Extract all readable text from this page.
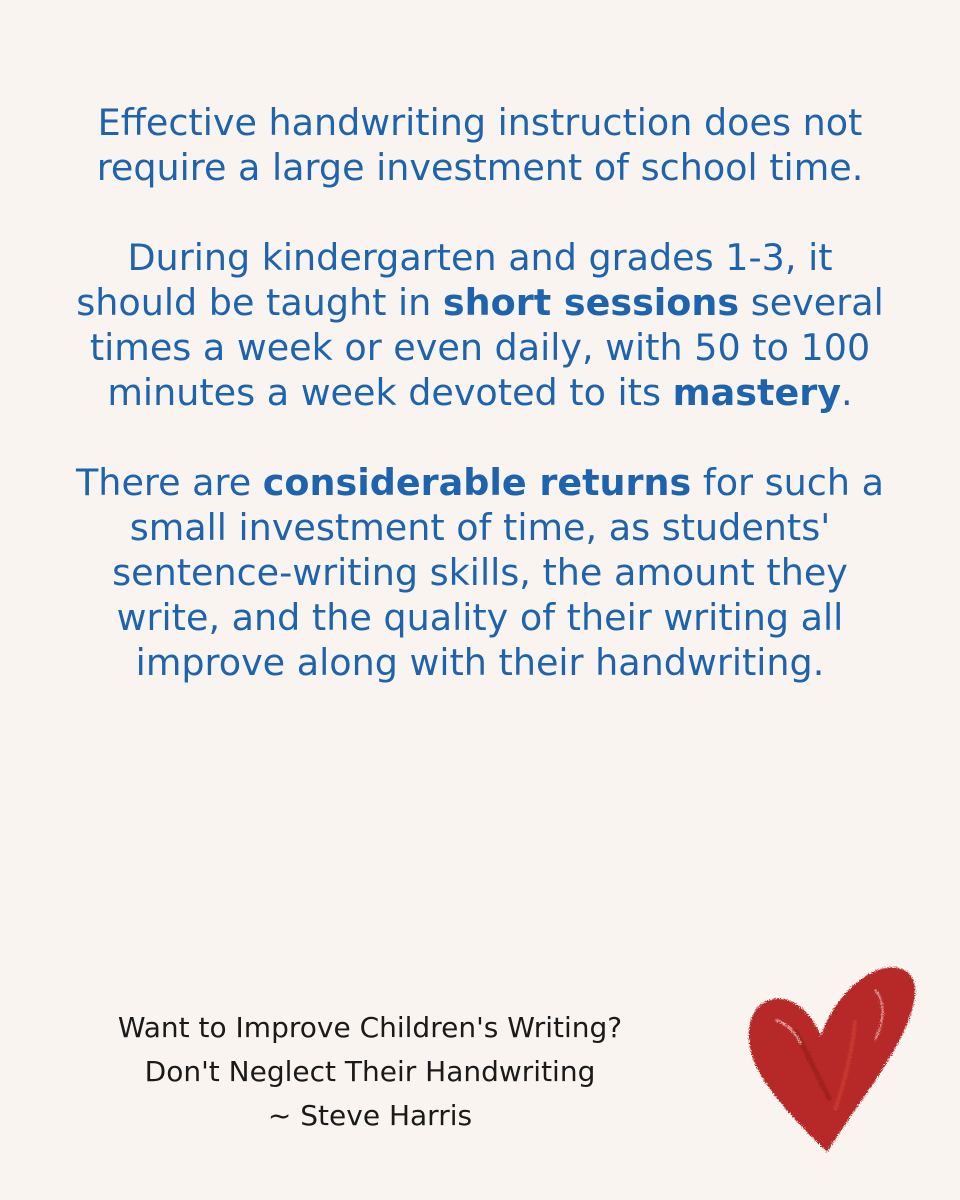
Effective handwriting instruction does not
require a large investment of school time.
During kindergarten and grades 1-3, it
should be taught in short sessions several
times a week or even daily, with 50 to 100
minutes a week devoted to its mastery.
There are considerable returns for such a
small investment of time, as students'
sentence-writing skills, the amount they
write, and the quality of their writing all
improve along with their handwriting.
Want to Improve Children's Writing?
Don't Neglect Their Handwriting
~ Steve Harris
